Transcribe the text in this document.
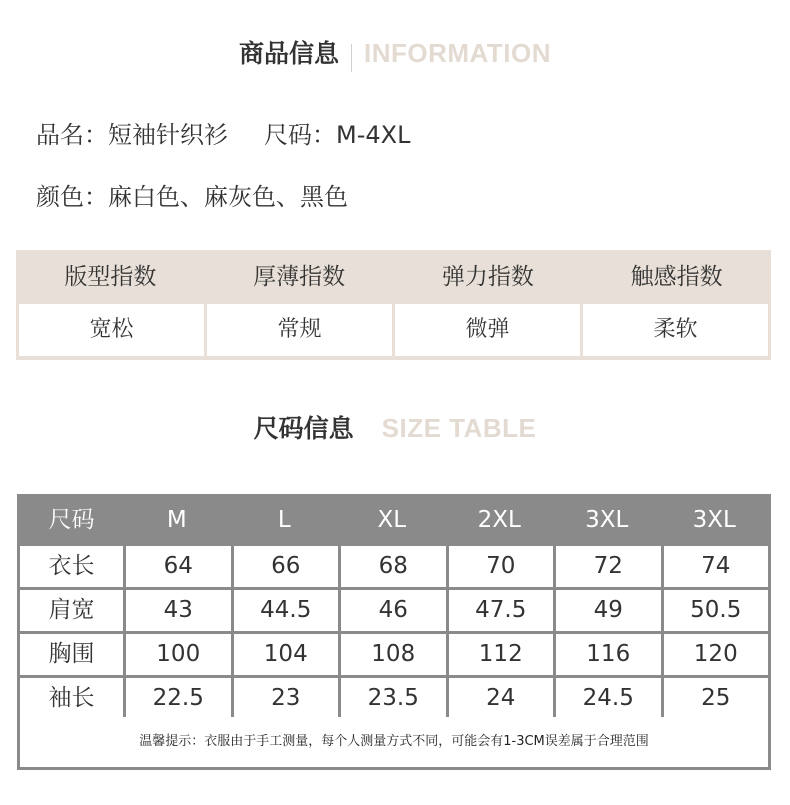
商品信息 INFORMATION
品名：短袖针织衫 尺码：M-4XL
颜色：麻白色、麻灰色、黑色
版型指数	厚薄指数	弹力指数	触感指数
宽松	常规	微弹	柔软
尺码信息 SIZE TABLE
尺码	M	L	XL	2XL	3XL	3XL
衣长	64	66	68	70	72	74
肩宽	43	44.5	46	47.5	49	50.5
胸围	100	104	108	112	116	120
袖长	22.5	23	23.5	24	24.5	25
温馨提示：衣服由于手工测量，每个人测量方式不同，可能会有1-3CM误差属于合理范围
